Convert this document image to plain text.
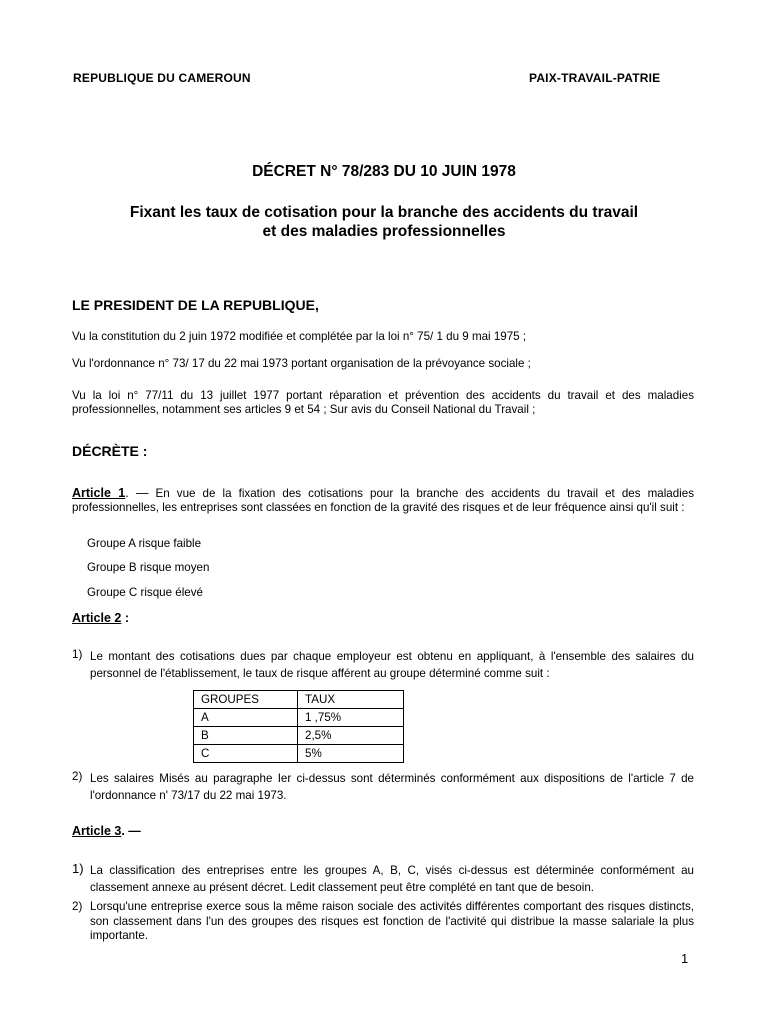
REPUBLIQUE DU CAMEROUN	PAIX-TRAVAIL-PATRIE
DÉCRET N° 78/283 DU 10 JUIN 1978
Fixant les taux de cotisation pour la branche des accidents du travail
et des maladies professionnelles
LE PRESIDENT DE LA REPUBLIQUE,
Vu la constitution du 2 juin 1972 modifiée et complétée par la loi n° 75/ 1 du 9 mai 1975 ;
Vu l'ordonnance n° 73/ 17 du 22 mai 1973 portant organisation de la prévoyance sociale ;
Vu la loi n° 77/11 du 13 juillet 1977 portant réparation et prévention des accidents du travail et des maladies professionnelles, notamment ses articles 9 et 54 ; Sur avis du Conseil National du Travail ;
DÉCRÈTE :
Article 1. — En vue de la fixation des cotisations pour la branche des accidents du travail et des maladies professionnelles, les entreprises sont classées en fonction de la gravité des risques et de leur fréquence ainsi qu'il suit :
Groupe A risque faible
Groupe B risque moyen
Groupe C risque élevé
Article 2 :
1) Le montant des cotisations dues par chaque employeur est obtenu en appliquant, à l'ensemble des salaires du personnel de l'établissement, le taux de risque afférent au groupe déterminé comme suit :
GROUPES	TAUX
A	1 ,75%
B	2,5%
C	5%
2) Les salaires Misés au paragraphe Ier ci-dessus sont déterminés conformément aux dispositions de l'article 7 de l'ordonnance n' 73/17 du 22 mai 1973.
Article 3. —
1) La classification des entreprises entre les groupes A, B, C, visés ci-dessus est déterminée conformément au classement annexe au présent décret. Ledit classement peut être complété en tant que de besoin.
2) Lorsqu'une entreprise exerce sous la même raison sociale des activités différentes comportant des risques distincts, son classement dans l'un des groupes des risques est fonction de l'activité qui distribue la masse salariale la plus importante.
1
